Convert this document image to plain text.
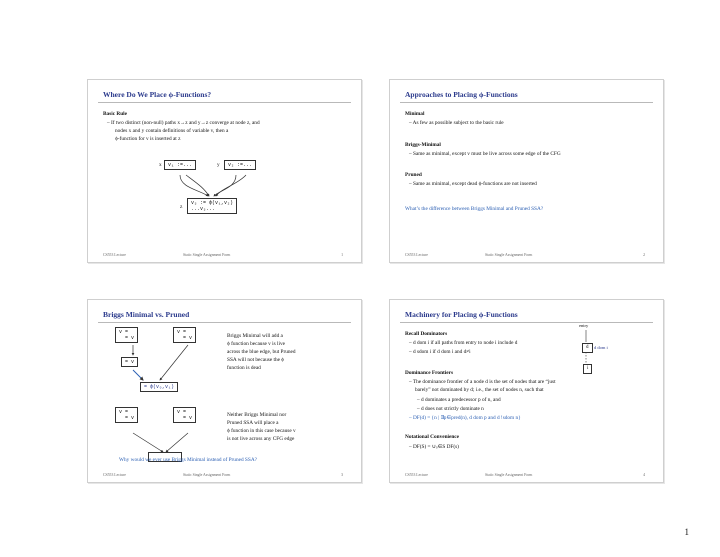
Where Do We Place ϕ-Functions?
Basic Rule
– If two distinct (non-null) paths x→z and y→z converge at node z, and
nodes x and y contain definitions of variable v, then a
ϕ-function for v is inserted at z
x	v₁ :=...	y	v₂ :=...
z
v₃ := ϕ(v₁,v₂)
...v₃...
CS553 Lecture	Static Single Assignment Form	1
Approaches to Placing ϕ-Functions
Minimal
– As few as possible subject to the basic rule
Briggs-Minimal
– Same as minimal, except v must be live across some edge of the CFG
Pruned
– Same as minimal, except dead ϕ-functions are not inserted
What’s the difference between Briggs Minimal and Pruned SSA?
CS553 Lecture	Static Single Assignment Form	2
Briggs Minimal vs. Pruned
v =
= v
v =
= v
= v
= ϕ(v₀,v₁)
v =
= v
v =
= v
Briggs Minimal will add a
ϕ function because v is live
across the blue edge, but Pruned
SSA will not because the ϕ
function is dead
Neither Briggs Minimal nor
Pruned SSA will place a
ϕ function in this case because v
is not live across any CFG edge
Why would we ever use Briggs Minimal instead of Pruned SSA?
CS553 Lecture	Static Single Assignment Form	3
Machinery for Placing ϕ-Functions
entry
d	d dom i
i
Recall Dominators
– d dom i if all paths from entry to node i include d
– d sdom i if d dom i and d≠i
Dominance Frontiers
– The dominance frontier of a node d is the set of nodes that are “just
barely” not dominated by d; i.e., the set of nodes n, such that
– d dominates a predecessor p of n, and
– d does not strictly dominate n
– DF(d) = {n | ∃p∈pred(n), d dom p and d !sdom n}
Notational Convenience
– DF(S) = ∪ₛ∈S DF(s)
CS553 Lecture	Static Single Assignment Form	4
1
